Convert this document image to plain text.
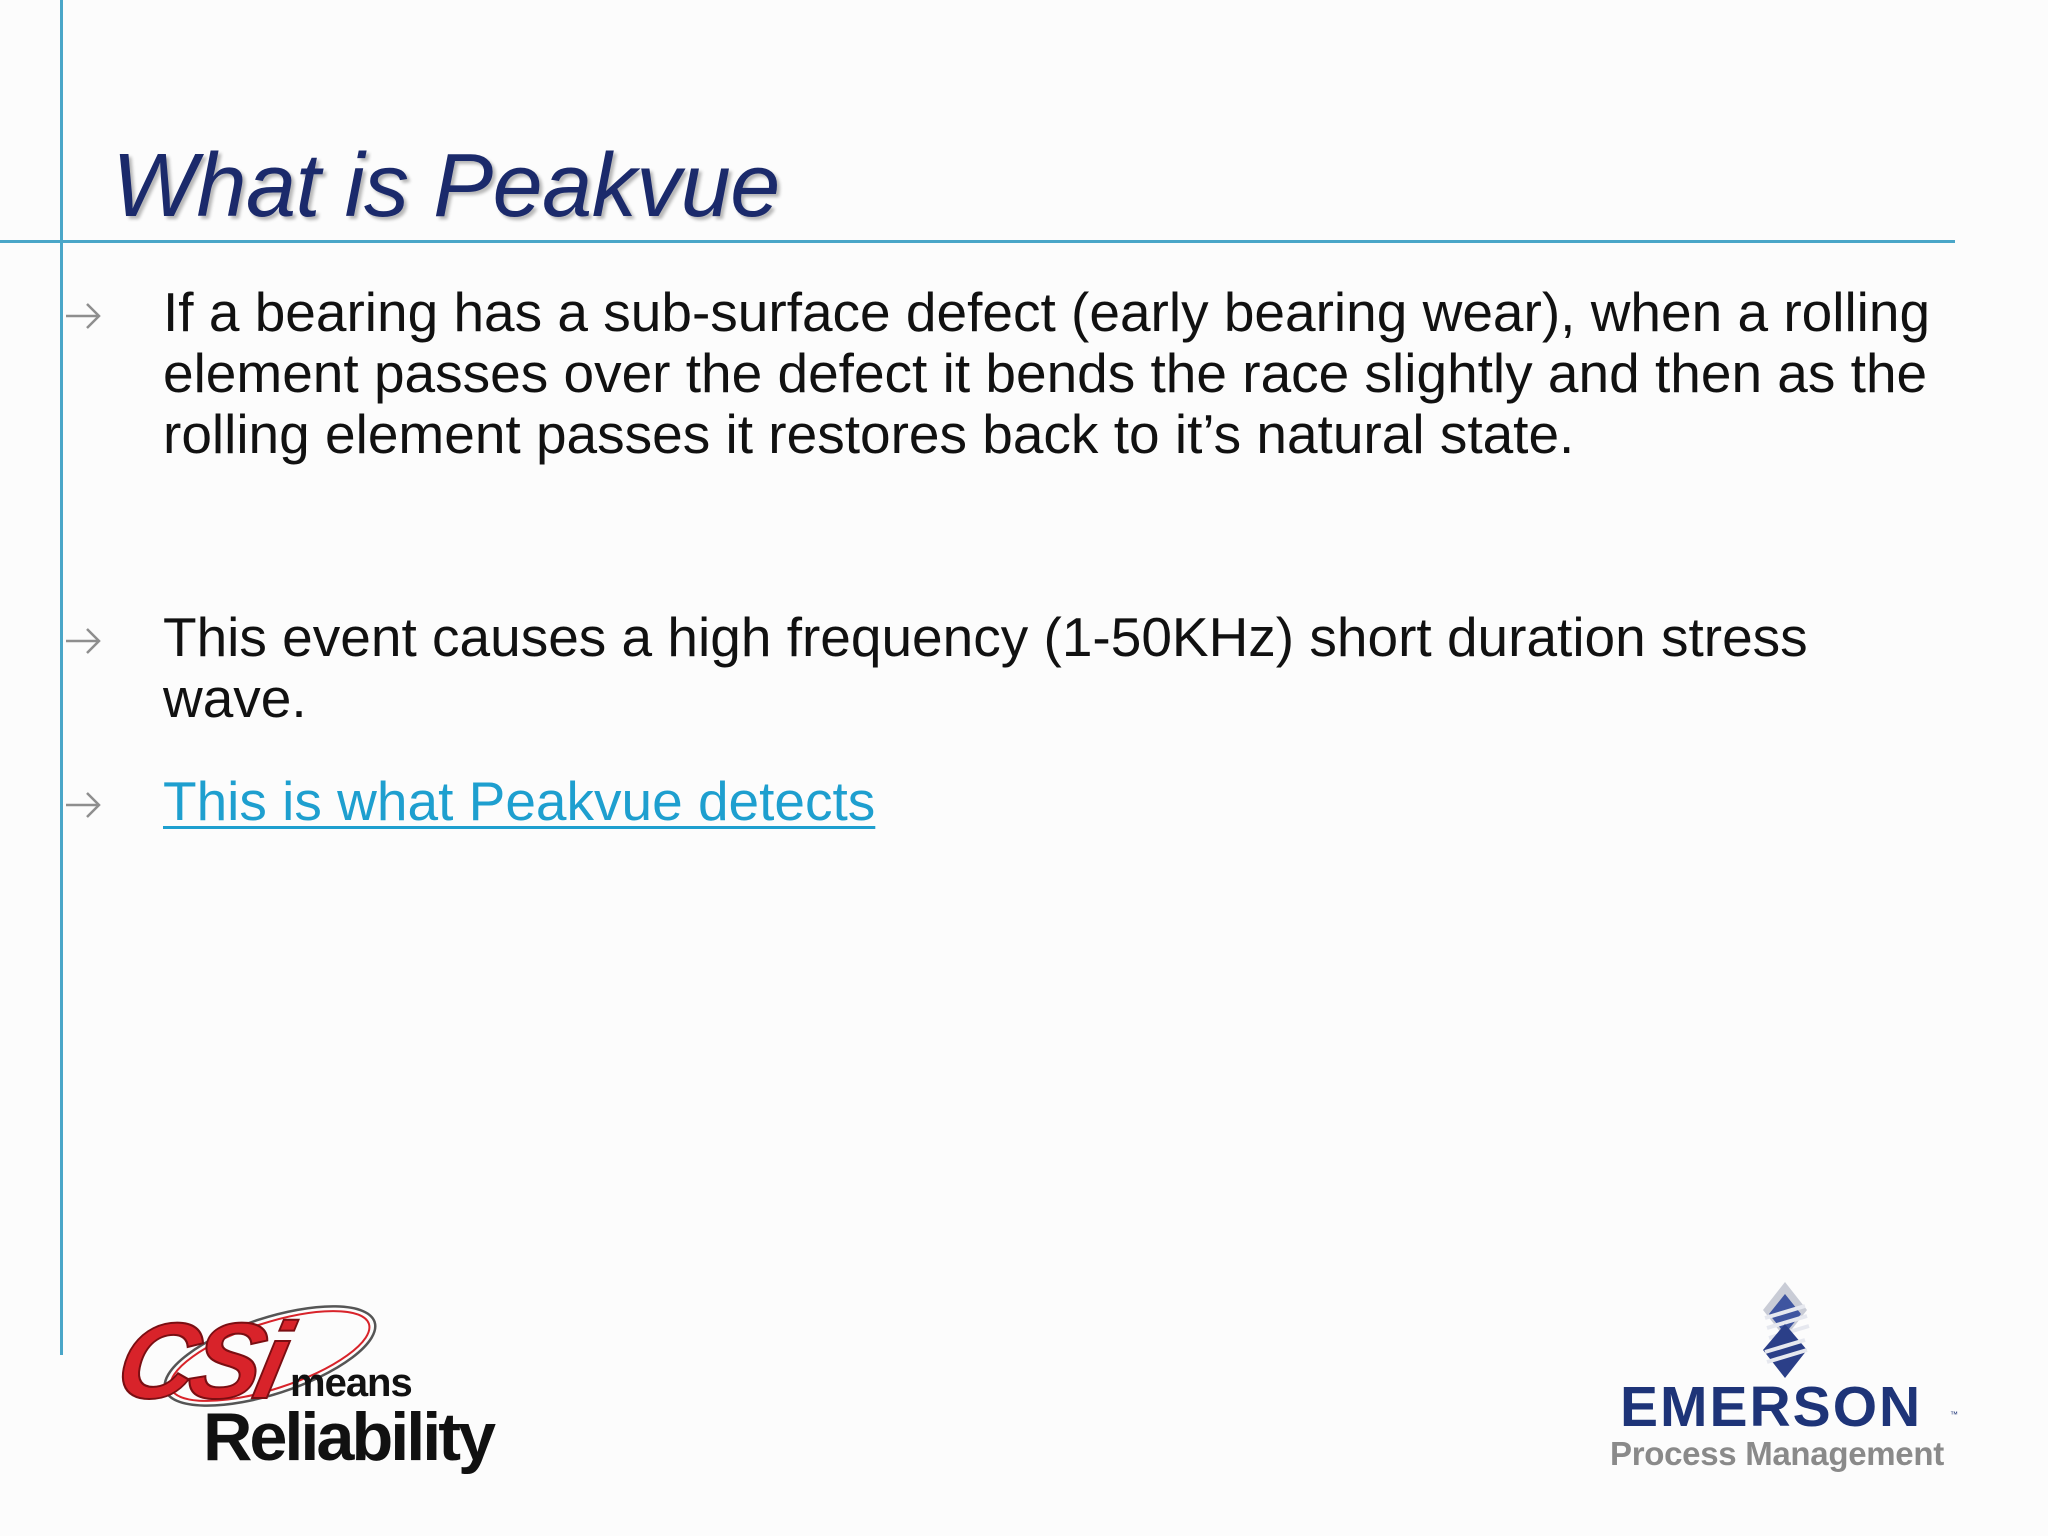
What is Peakvue
If a bearing has a sub-surface defect (early bearing wear), when a rolling element passes over the defect it bends the race slightly and then as the rolling element passes it restores back to it’s natural state.
This event causes a high frequency (1-50KHz) short duration stress wave.
This is what Peakvue detects
CSi
means
Reliability	EMERSON	™
Process Management
